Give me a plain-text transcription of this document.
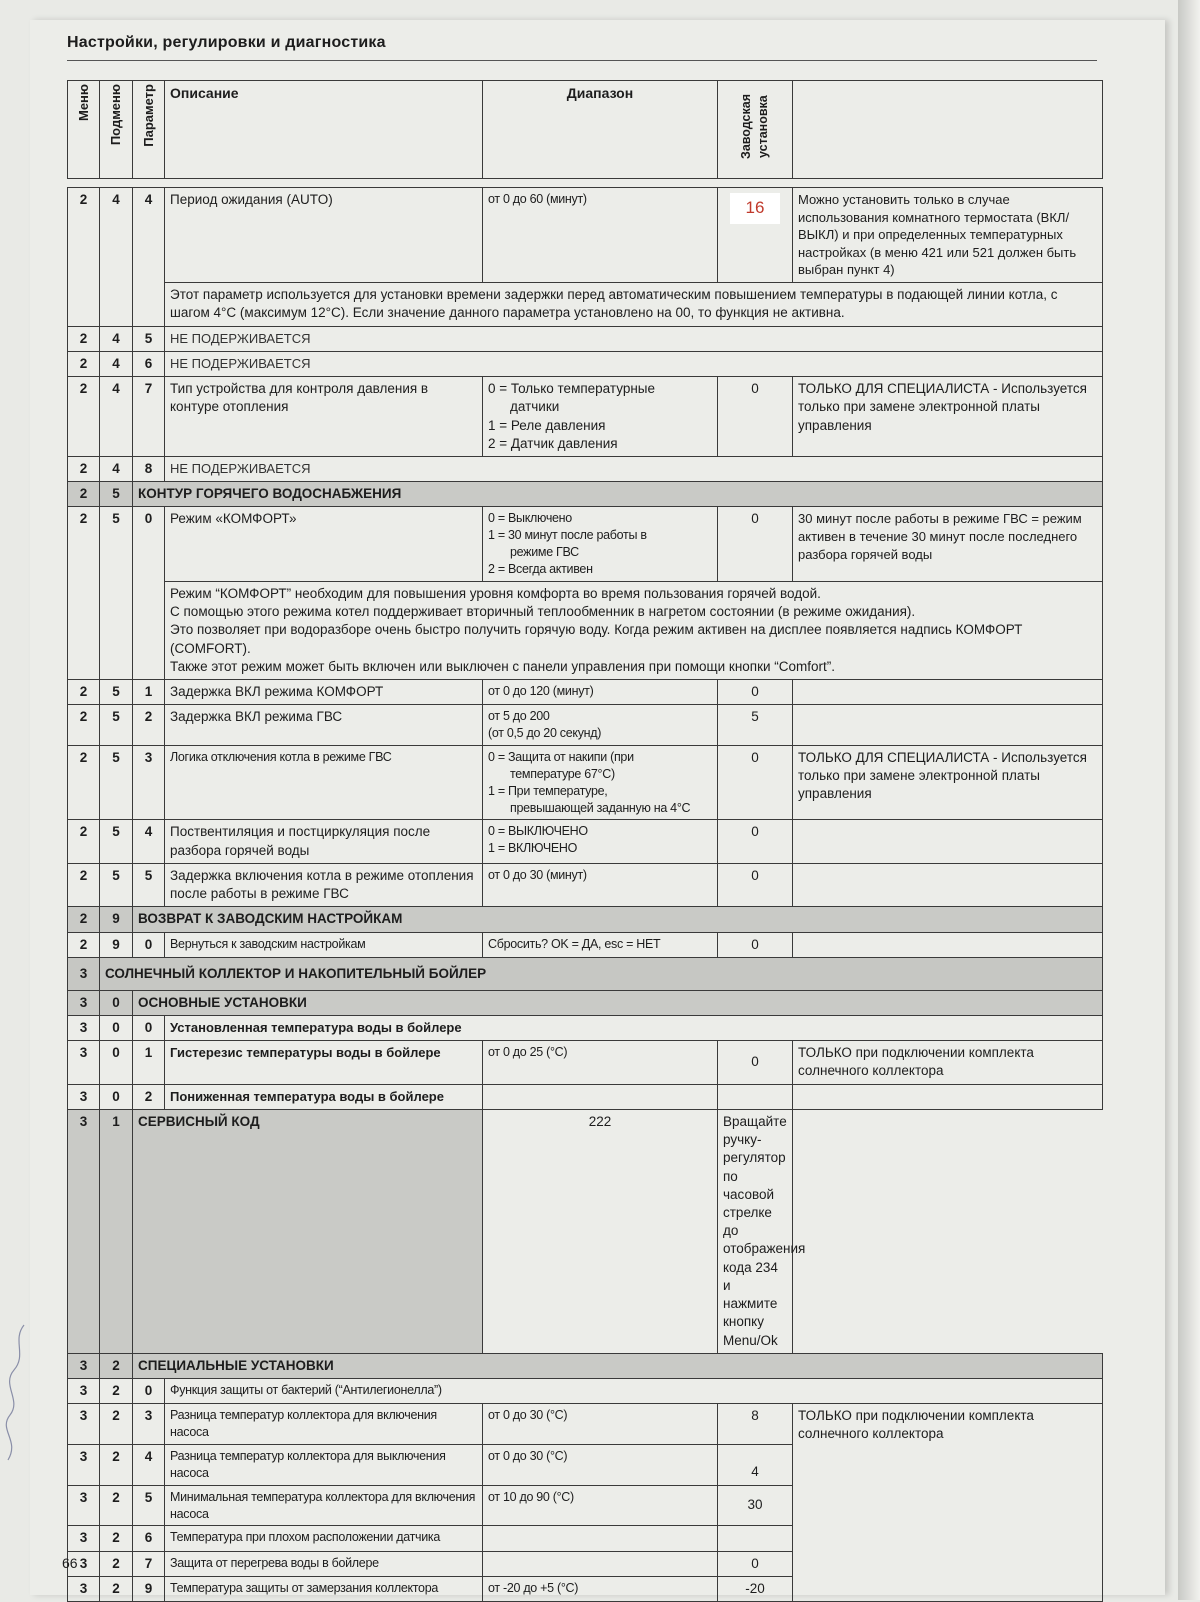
Настройки, регулировки и диагностика
Меню	Подменю	Параметр	Описание	Диапазон	Заводская установка	

2	4	4	Период ожидания (AUTO)	от 0 до 60 (минут)	16	Можно установить только в случае использования комнатного термостата (ВКЛ/ВЫКЛ) и при определенных температурных настройках (в меню 421 или 521 должен быть выбран пункт 4)
			Этот параметр используется для установки времени задержки перед автоматическим повышением температуры в подающей линии котла, с шагом 4°С (максимум 12°С). Если значение данного параметра установлено на 00, то функция не активна.			
2	4	5	НЕ ПОДЕРЖИВАЕТСЯ			
2	4	6	НЕ ПОДЕРЖИВАЕТСЯ			
2	4	7	Тип устройства для контроля давления в контуре отопления	0 = Только температурные
датчики
1 = Реле давления
2 = Датчик давления	0	ТОЛЬКО ДЛЯ СПЕЦИАЛИСТА - Используется только при замене электронной платы управления
2	4	8	НЕ ПОДЕРЖИВАЕТСЯ			
2	5	КОНТУР ГОРЯЧЕГО ВОДОСНАБЖЕНИЯ				
2	5	0	Режим «КОМФОРТ»	0 = Выключено
1 = 30 минут после работы в
режиме ГВС
2 = Всегда активен	0	30 минут после работы в режиме ГВС = режим активен в течение 30 минут после последнего разбора горячей воды

			Режим “КОМФОРТ” необходим для повышения уровня комфорта во время пользования горячей водой.
С помощью этого режима котел поддерживает вторичный теплообменник в нагретом состоянии (в режиме ожидания).
Это позволяет при водоразборе очень быстро получить горячую воду. Когда режим активен на дисплее появляется надпись КОМФОРТ (COMFORT).
Также этот режим может быть включен или выключен с панели управления при помощи кнопки “Comfort”.			

2	5	1	Задержка ВКЛ режима КОМФОРТ	от 0 до 120 (минут)	0	
2	5	2	Задержка ВКЛ режима ГВС	от 5 до 200
(от 0,5 до 20 секунд)	5	
2	5	3	Логика отключения котла в режиме ГВС	0 = Защита от накипи (при
температуре 67°С)
1 = При температуре,
превышающей заданную на 4°С	0	ТОЛЬКО ДЛЯ СПЕЦИАЛИСТА - Используется только при замене электронной платы управления
2	5	4	Поствентиляция и постциркуляция после разбора горячей воды	0 = ВЫКЛЮЧЕНО
1 = ВКЛЮЧЕНО	0	
2	5	5	Задержка включения котла в режиме отопления после работы в режиме ГВС	от 0 до 30 (минут)	0	
2	9	ВОЗВРАТ К ЗАВОДСКИМ НАСТРОЙКАМ				
2	9	0	Вернуться к заводским настройкам	Сбросить? OK = ДА, esc = НЕТ	0	
3	СОЛНЕЧНЫЙ КОЛЛЕКТОР И НАКОПИТЕЛЬНЫЙ БОЙЛЕР					
3	0	ОСНОВНЫЕ УСТАНОВКИ				
3	0	0	Установленная температура воды в бойлере			
3	0	1	Гистерезис температуры воды в бойлере	от 0 до 25 (°С)	0	ТОЛЬКО при подключении комплекта солнечного коллектора
3	0	2	Пониженная температура воды в бойлере			
3	1	СЕРВИСНЫЙ КОД		222	Вращайте ручку-регулятор по часовой стрелке до отображения кода 234 и нажмите кнопку Menu/Ok	
3	2	СПЕЦИАЛЬНЫЕ УСТАНОВКИ				
3	2	0	Функция защиты от бактерий (“Антилегионелла”)			
3	2	3	Разница температур коллектора для включения насоса	от 0 до 30 (°С)	8	ТОЛЬКО при подключении комплекта солнечного коллектора
3	2	4	Разница температур коллектора для выключения насоса	от 0 до 30 (°С)	4	
3	2	5	Минимальная температура коллектора для включения насоса	от 10 до 90 (°С)	30	
3	2	6	Температура при плохом расположении датчика			
3	2	7	Защита от перегрева воды в бойлере		0	
3	2	9	Температура защиты от замерзания коллектора	от -20 до +5 (°С)	-20	
66
